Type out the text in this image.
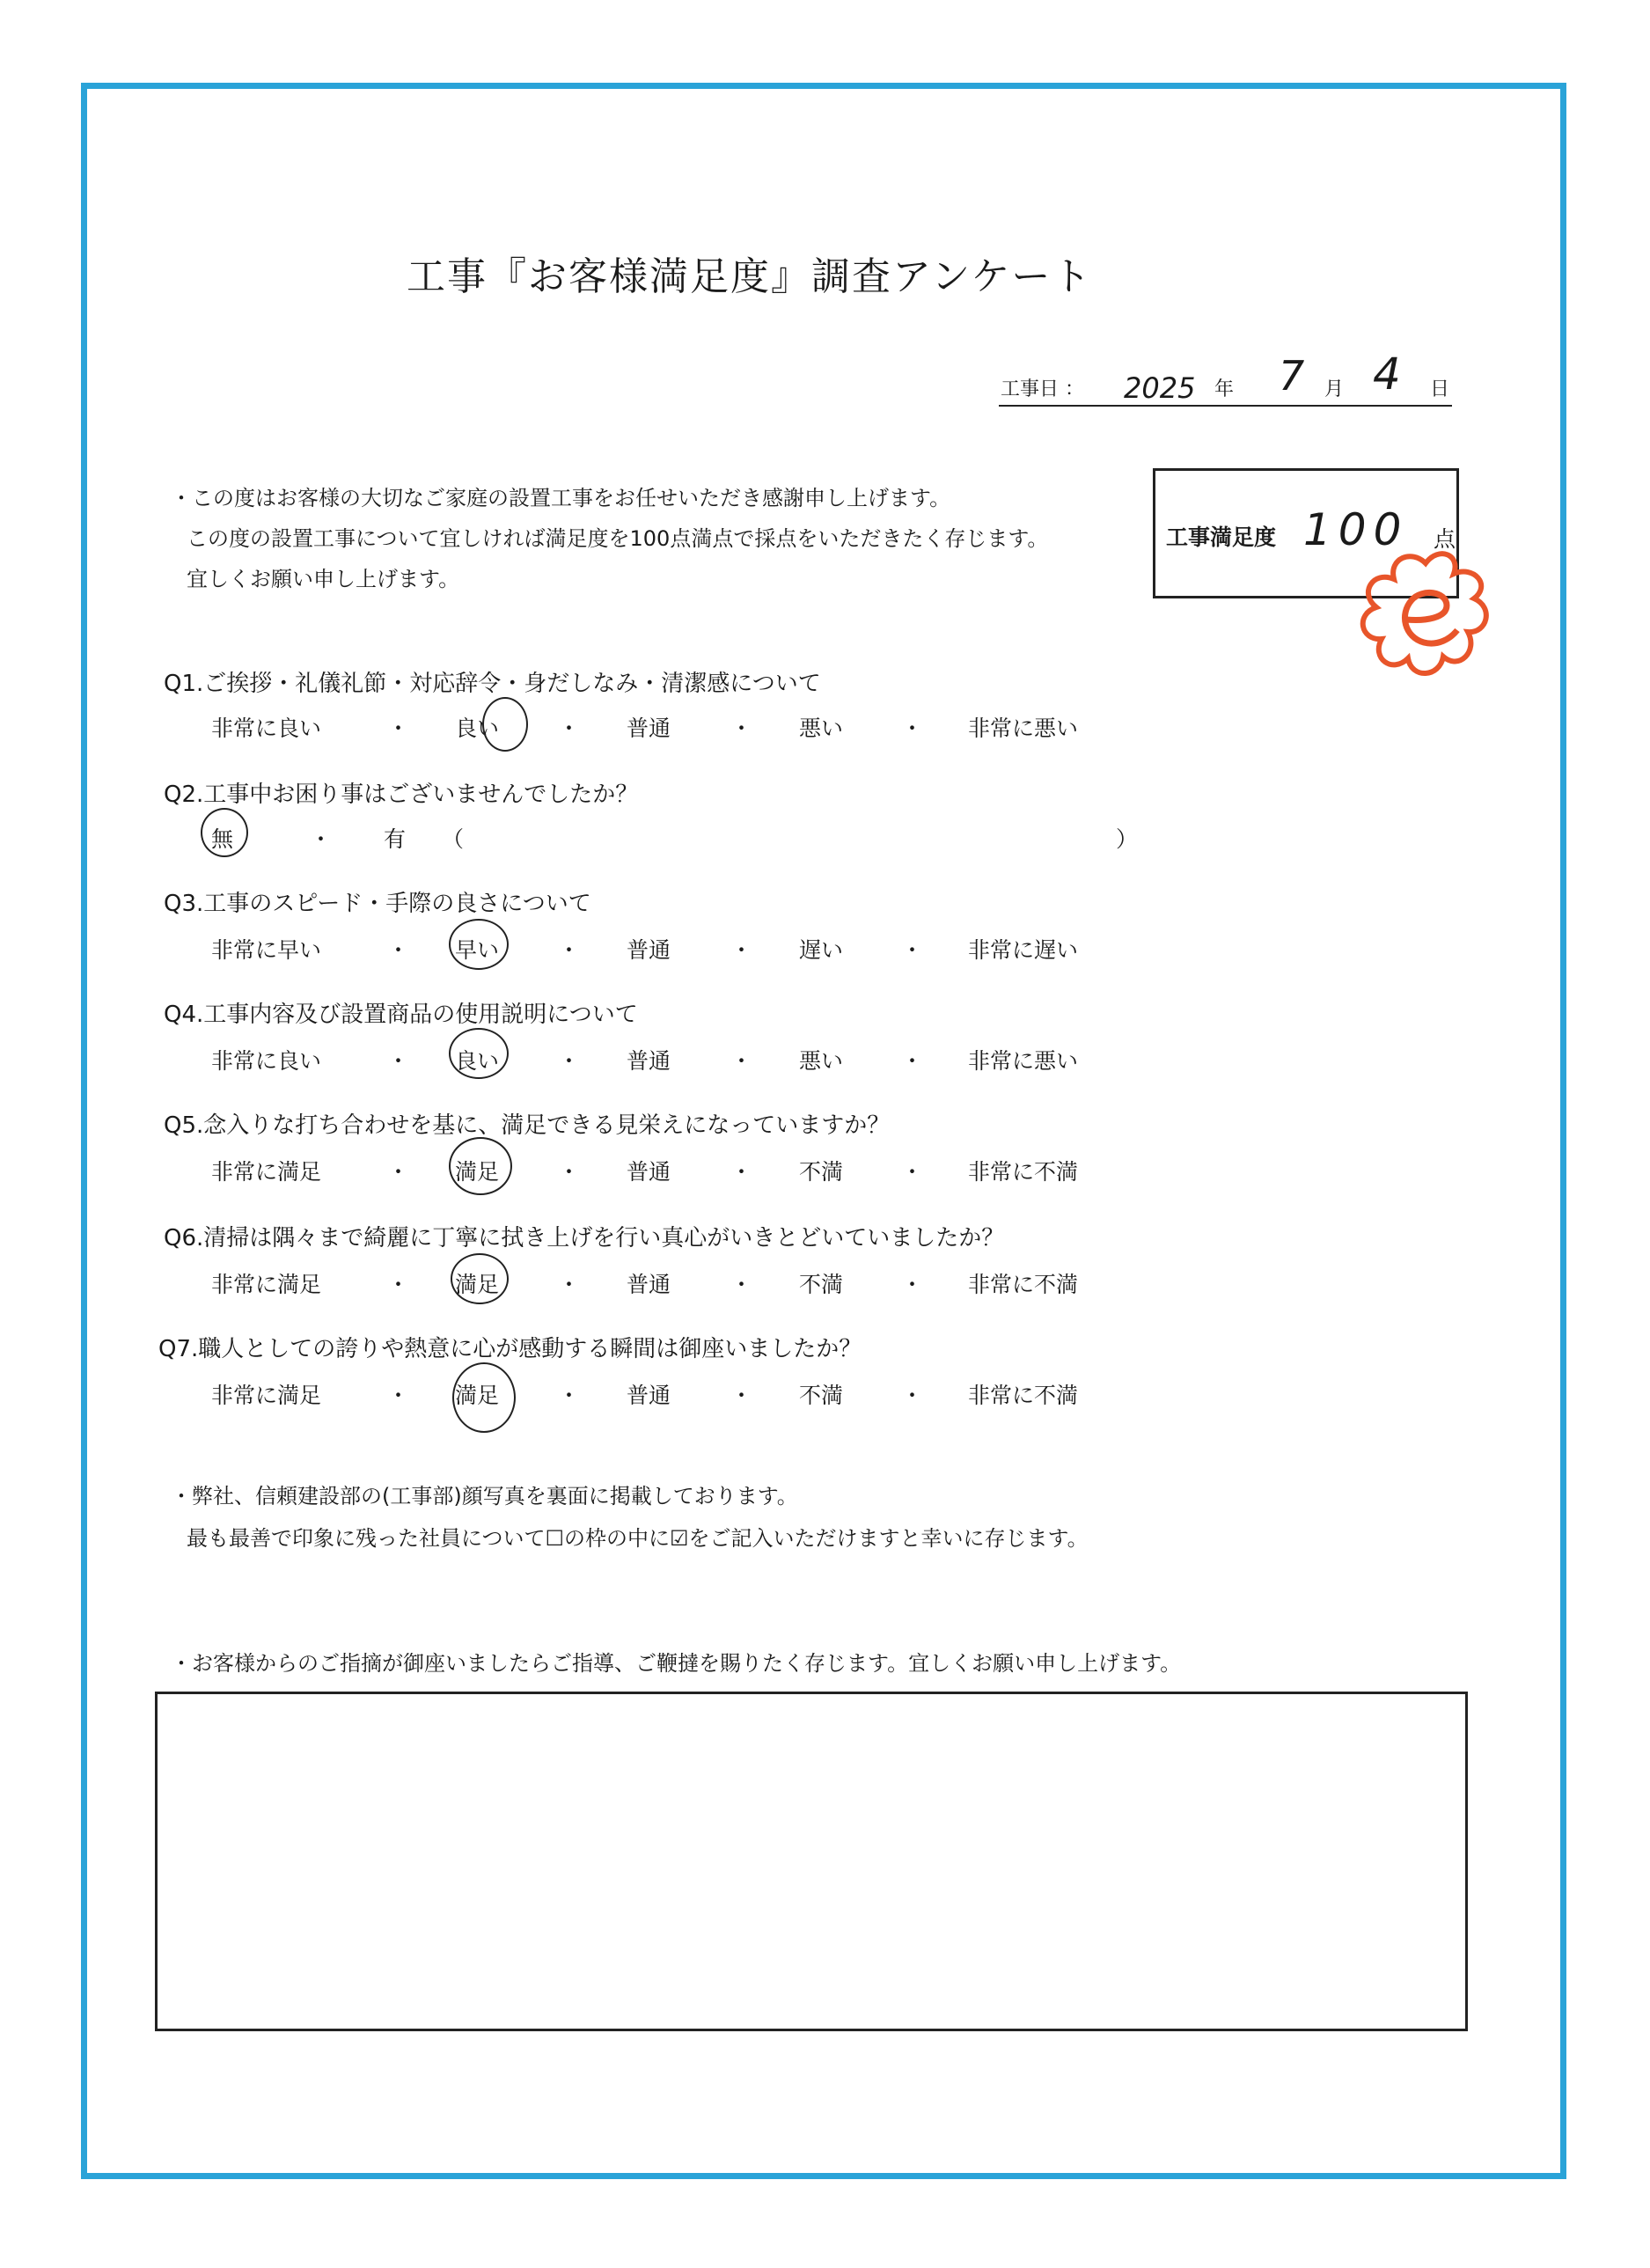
工事『お客様満足度』調査アンケート
工事日 ： 2025 年 7 月 4 日
・この度はお客様の大切なご家庭の設置工事をお任せいただき感謝申し上げます。
この度の設置工事について宜しければ満足度を100点満点で採点をいただきたく存じます。
宜しくお願い申し上げます。
工事満足度 100 点
Q1.ご挨拶・礼儀礼節・対応辞令・身だしなみ・清潔感について
非常に良い	・ 良い	・ 普通	・ 悪い	・ 非常に悪い
Q2.工事中お困り事はございませんでしたか？
無	・ 有 （	）
Q3.工事のスピード・手際の良さについて
非常に早い	・ 早い	・ 普通	・ 遅い	・ 非常に遅い
Q4.工事内容及び設置商品の使用説明について
非常に良い	・ 良い	・ 普通	・ 悪い	・ 非常に悪い
Q5.念入りな打ち合わせを基に、満足できる見栄えになっていますか？
非常に満足	・ 満足	・ 普通	・ 不満	・ 非常に不満
Q6.清掃は隅々まで綺麗に丁寧に拭き上げを行い真心がいきとどいていましたか？
非常に満足	・ 満足	・ 普通	・ 不満	・ 非常に不満
Q7.職人としての誇りや熱意に心が感動する瞬間は御座いましたか？
非常に満足	・ 満足	・ 普通	・ 不満	・ 非常に不満
・弊社、信頼建設部の(工事部)顔写真を裏面に掲載しております。
最も最善で印象に残った社員について☐の枠の中に☑をご記入いただけますと幸いに存じます。
・お客様からのご指摘が御座いましたらご指導、ご鞭撻を賜りたく存じます。宜しくお願い申し上げます。
